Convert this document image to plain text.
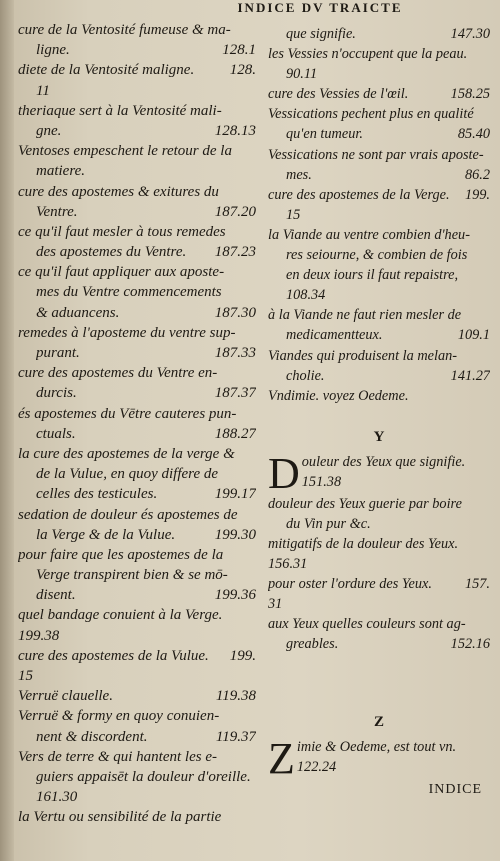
INDICE DV TRAICTE
cure de la Ventosité fumeuse & ma-
ligne.	128.1
diete de la Ventosité maligne.	128.
11
theriaque sert à la Ventosité mali-
gne.	128.13
Ventoses empeschent le retour de la
matiere.
cure des apostemes & exitures du
Ventre.	187.20
ce qu'il faut mesler à tous remedes
des apostemes du Ventre.	187.23
ce qu'il faut appliquer aux aposte-
mes du Ventre commencements
& aduancens.	187.30
remedes à l'aposteme du ventre sup-
purant.	187.33
cure des apostemes du Ventre en-
durcis.	187.37
és apostemes du Vētre cauteres pun-
ctuals.	188.27
la cure des apostemes de la verge &
de la Vulue, en quoy differe de
celles des testicules.	199.17
sedation de douleur és apostemes de
la Verge & de la Vulue.	199.30
pour faire que les apostemes de la
Verge transpirent bien & se mō-
disent.	199.36
quel bandage conuient à la Verge.
199.38
cure des apostemes de la Vulue.	199.
15
Verruë clauelle.	119.38
Verruë & formy en quoy conuien-
nent & discordent.	119.37
Vers de terre & qui hantent les e-
guiers appaisēt la douleur d'oreille.
161.30
la Vertu ou sensibilité de la partie
que signifie.	147.30
les Vessies n'occupent que la peau.
90.11
cure des Vessies de l'œil.	158.25
Vessications pechent plus en qualité
qu'en tumeur.	85.40
Vessications ne sont par vrais aposte-
mes.	86.2
cure des apostemes de la Verge.	199.
15
la Viande au ventre combien d'heu-
res seiourne, & combien de fois
en deux iours il faut repaistre,
108.34
à la Viande ne faut rien mesler de
medicamentteux.	109.1
Viandes qui produisent la melan-
cholie.	141.27
Vndimie. voyez Oedeme.
Y
D ouleur des Yeux que signifie.
151.38
douleur des Yeux guerie par boire
du Vin pur &c.
mitigatifs de la douleur des Yeux.
156.31
pour oster l'ordure des Yeux.	157.
31
aux Yeux quelles couleurs sont ag-
greables.	152.16
Z
Z imie & Oedeme, est tout vn.
122.24
INDICE
